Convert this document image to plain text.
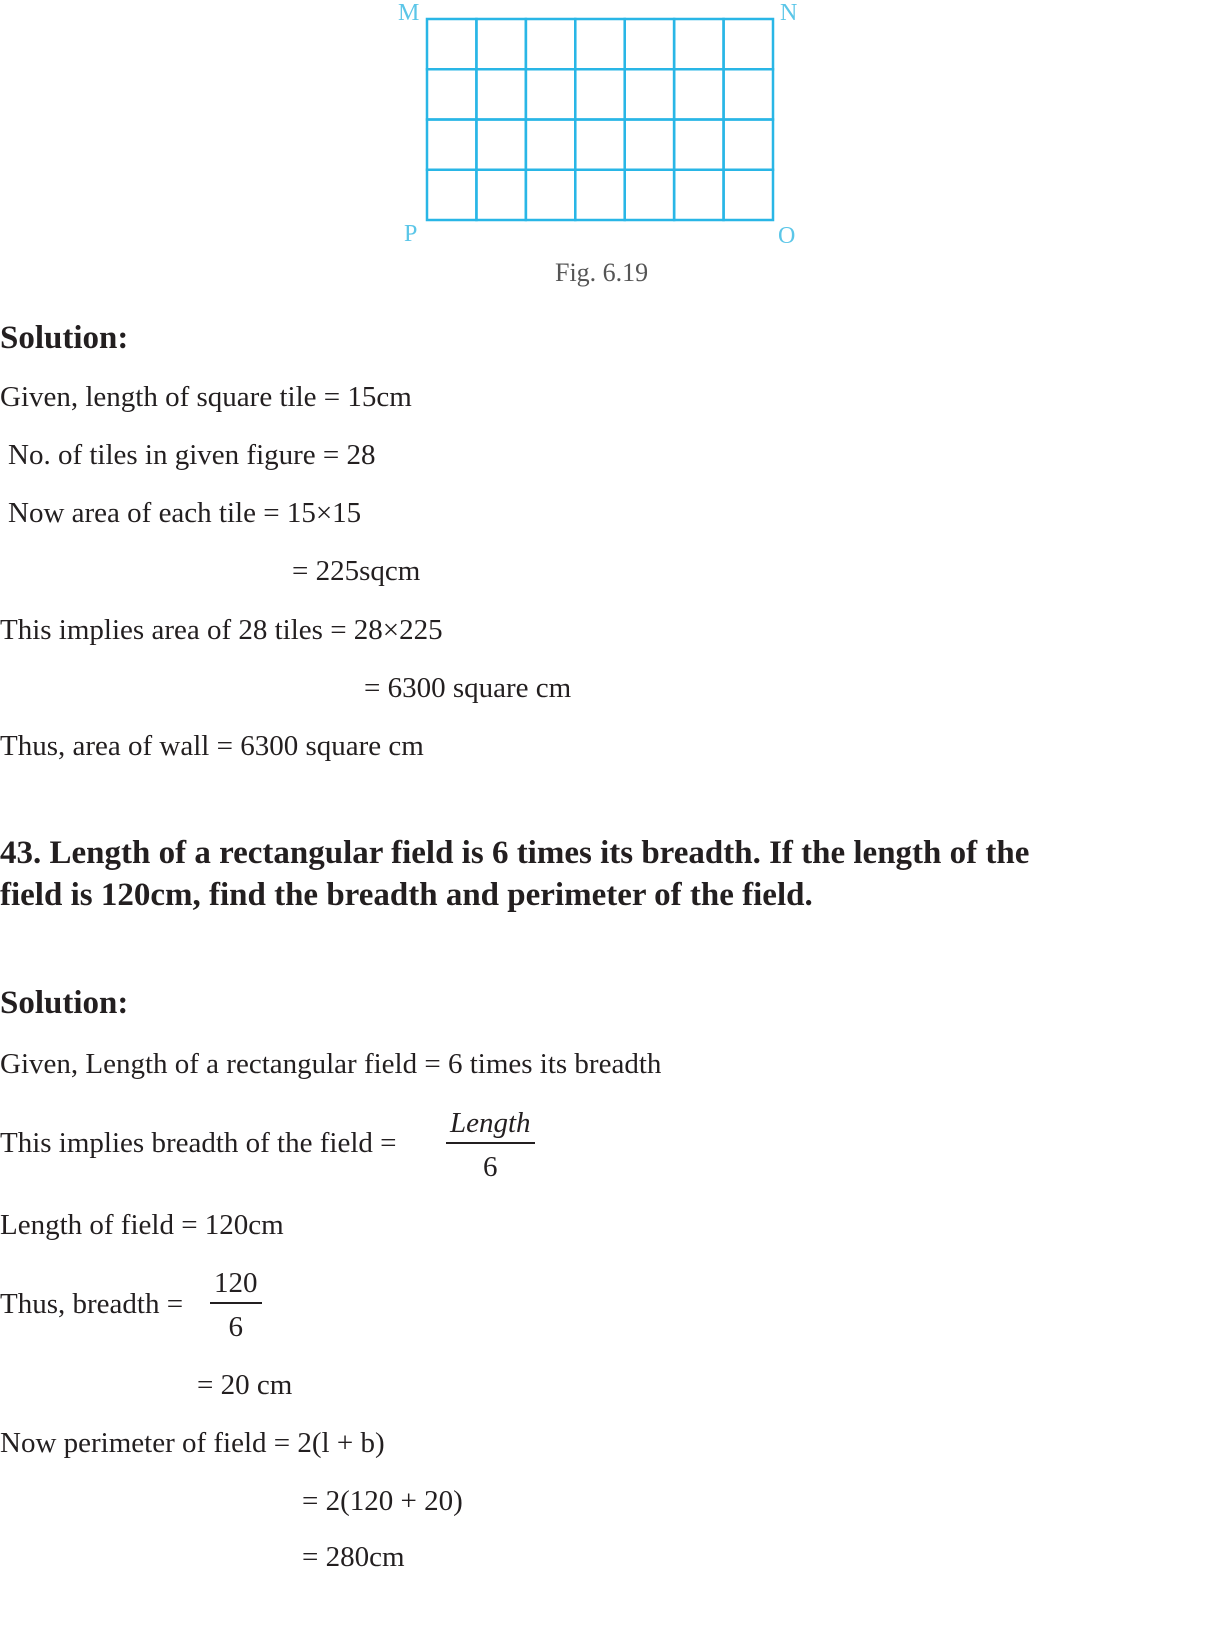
M	N
P	O
Fig. 6.19
Solution:
Given, length of square tile = 15cm
No. of tiles in given figure = 28
Now area of each tile = 15×15
= 225sqcm
This implies area of 28 tiles = 28×225
= 6300 square cm
Thus, area of wall = 6300 square cm
43. Length of a rectangular field is 6 times its breadth. If the length of the
field is 120cm, find the breadth and perimeter of the field.
Solution:
Given, Length of a rectangular field = 6 times its breadth
This implies breadth of the field =
Length
6
Length of field = 120cm
Thus, breadth = $\frac{120}{6}$
= 20 cm
Now perimeter of field = 2(l + b)
= 2(120 + 20)
= 280cm
